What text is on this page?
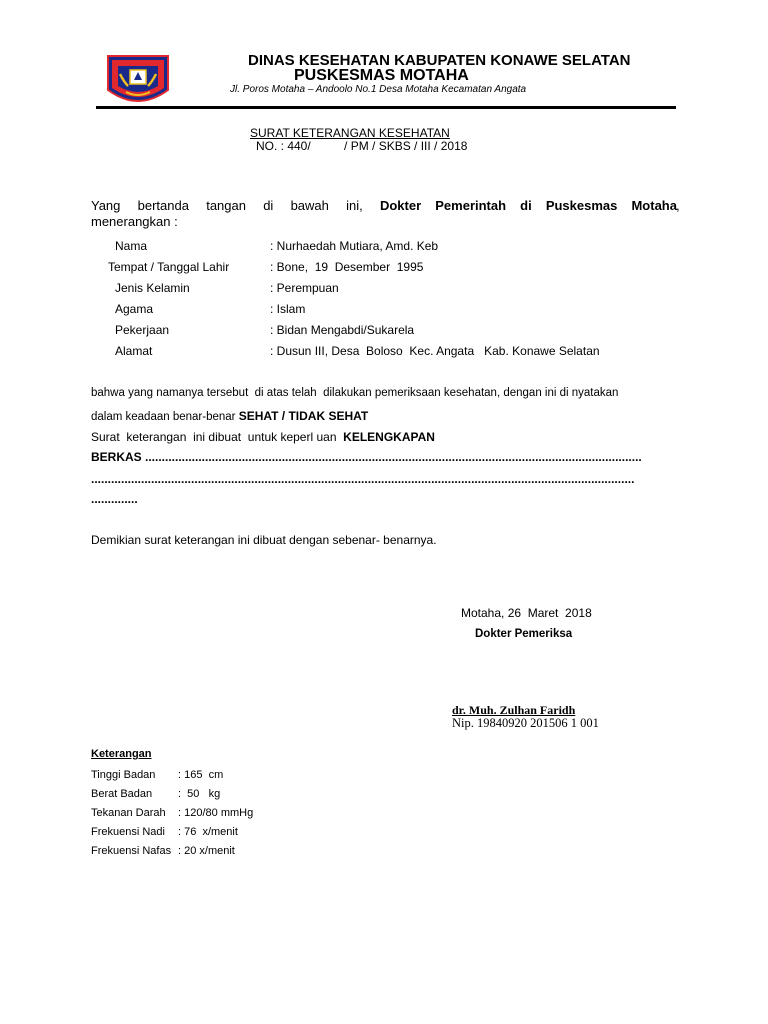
DINAS KESEHATAN KABUPATEN KONAWE SELATAN
PUSKESMAS MOTAHA
Jl. Poros Motaha – Andoolo No.1 Desa Motaha Kecamatan Angata
SURAT KETERANGAN KESEHATAN
NO. : 440/          / PM / SKBS / III / 2018
Yang bertanda tangan di bawah ini, Dokter Pemerintah di Puskesmas Motaha ,
menerangkan :
Nama	: Nurhaedah Mutiara, Amd. Keb
Tempat / Tanggal Lahir	: Bone,  19  Desember  1995
Jenis Kelamin	: Perempuan
Agama	: Islam
Pekerjaan	: Bidan Mengabdi/Sukarela
Alamat	: Dusun III, Desa  Boloso  Kec. Angata   Kab. Konawe Selatan
bahwa yang namanya tersebut  di atas telah  dilakukan pemeriksaan kesehatan, dengan ini di nyatakan
dalam keadaan benar-benar SEHAT / TIDAK SEHAT
Surat  keterangan  ini dibuat  untuk keperl uan  KELENGKAPAN
BERKAS .....................................................................................................................................................
...................................................................................................................................................................
..............
Demikian surat keterangan ini dibuat dengan sebenar- benarnya.
Motaha, 26  Maret  2018
Dokter Pemeriksa
dr. Muh. Zulhan Faridh
Nip. 19840920 201506 1 001
Keterangan
Tinggi Badan : 165  cm
Berat Badan :  50   kg
Tekanan Darah : 120/80 mmHg
Frekuensi Nadi : 76  x/menit
Frekuensi Nafas : 20 x/menit
